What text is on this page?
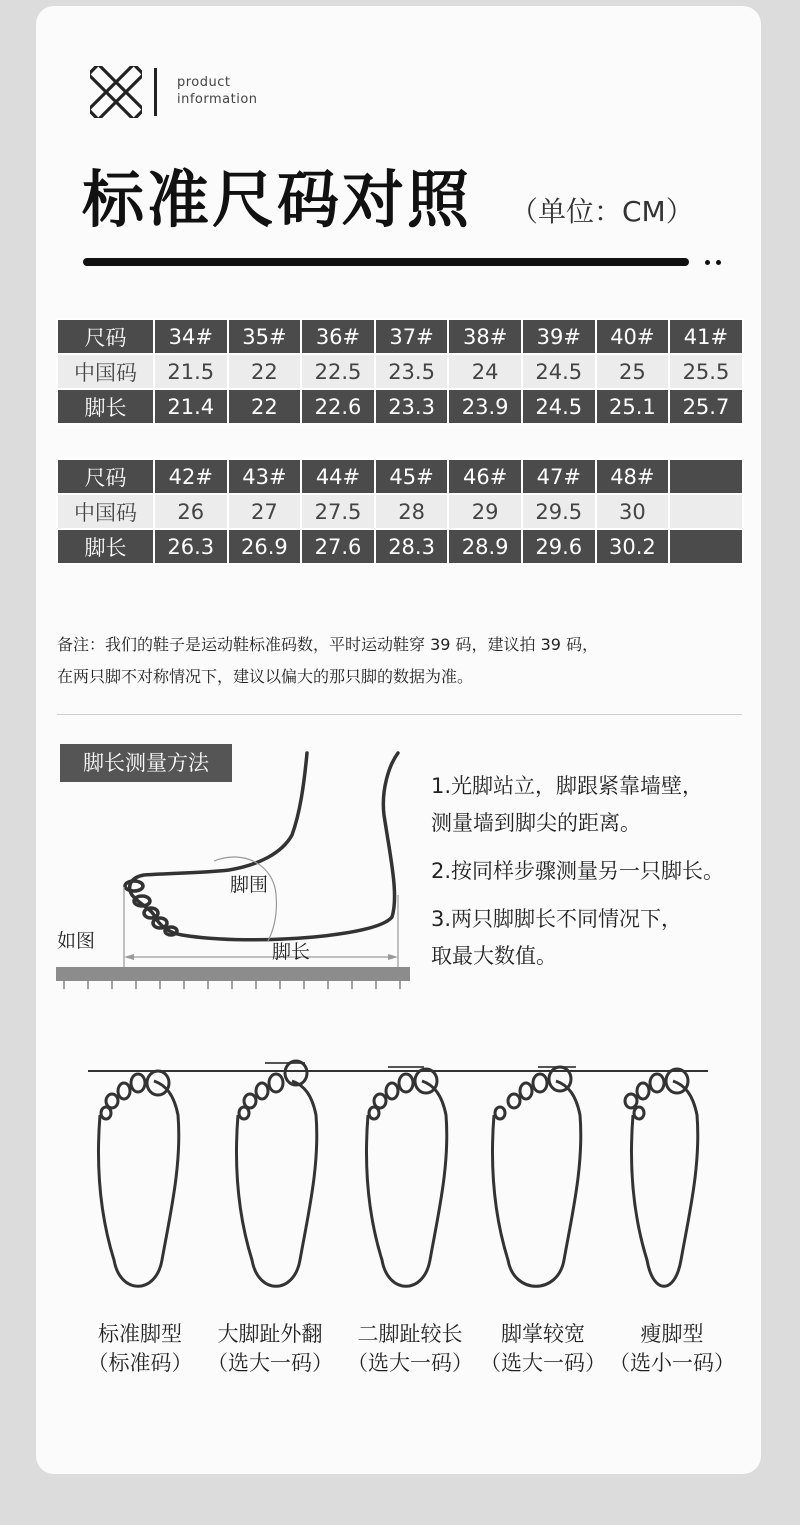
product
information
标准尺码对照 （单位：CM）
尺码	34#	35#	36#	37#	38#	39#	40#	41#
中国码	21.5	22	22.5	23.5	24	24.5	25	25.5
脚长	21.4	22	22.6	23.3	23.9	24.5	25.1	25.7
尺码	42#	43#	44#	45#	46#	47#	48#	
中国码	26	27	27.5	28	29	29.5	30	
脚长	26.3	26.9	27.6	28.3	28.9	29.6	30.2	
备注：我们的鞋子是运动鞋标准码数，平时运动鞋穿 39 码，建议拍 39 码，
在两只脚不对称情况下，建议以偏大的那只脚的数据为准。
脚长测量方法
脚围
脚长
如图
1.光脚站立，脚跟紧靠墙壁，
测量墙到脚尖的距离。
2.按同样步骤测量另一只脚长。
3.两只脚脚长不同情况下，
取最大数值。
标准脚型
（标准码）
大脚趾外翻
（选大一码）
二脚趾较长
（选大一码）
脚掌较宽
（选大一码）
瘦脚型
（选小一码）
